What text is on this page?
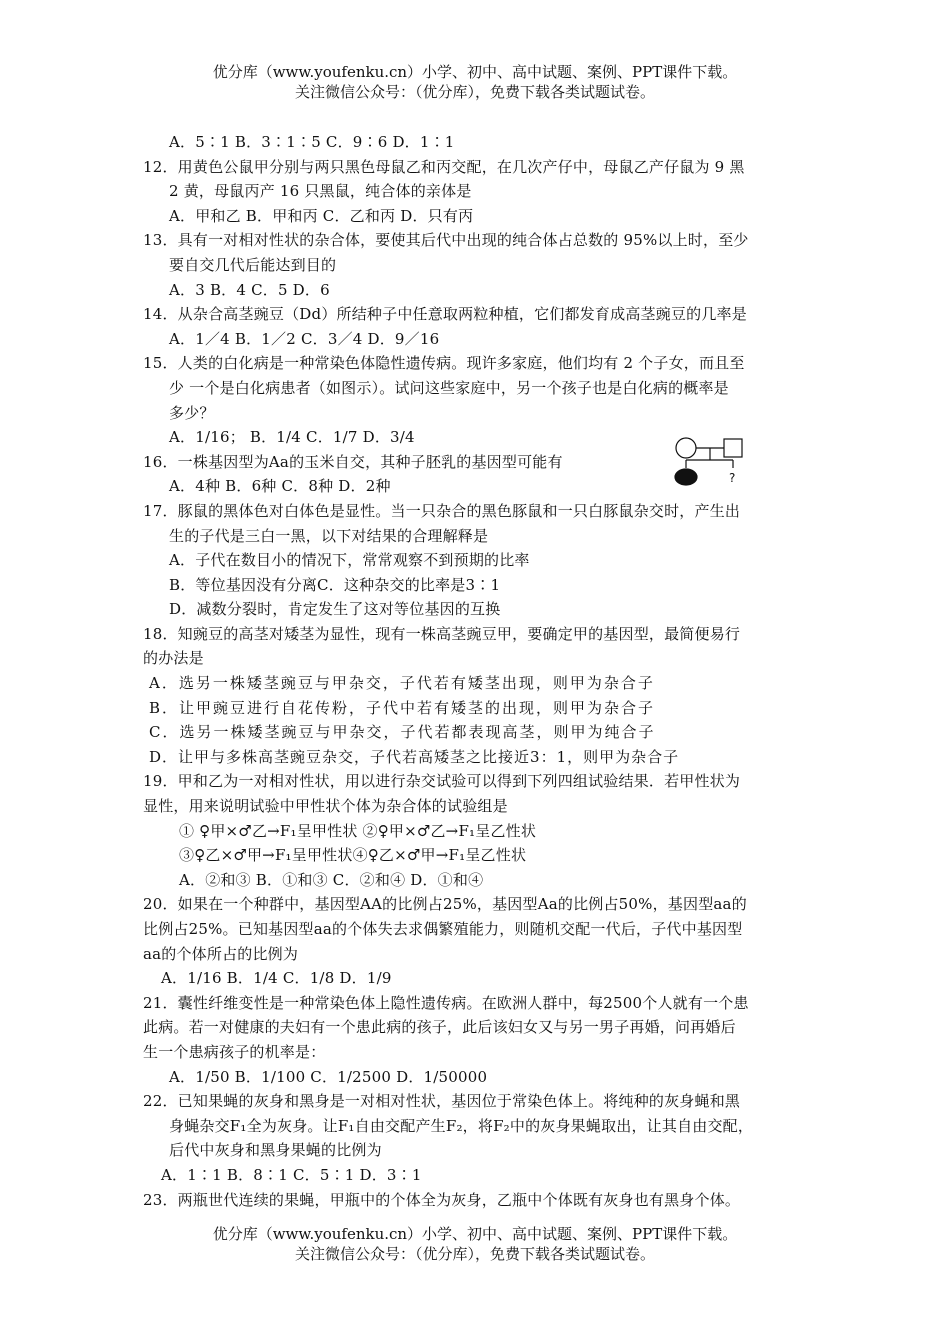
优分库（www.youfenku.cn）小学、初中、高中试题、案例、PPT课件下载。
关注微信公众号：（优分库），免费下载各类试题试卷。
A．5∶1 B．3∶1∶5 C．9∶6 D．1∶1
12．用黄色公鼠甲分别与两只黑色母鼠乙和丙交配，在几次产仔中，母鼠乙产仔鼠为 9 黑
2 黄，母鼠丙产 16 只黑鼠，纯合体的亲体是
A．甲和乙 B．甲和丙 C．乙和丙 D．只有丙
13．具有一对相对性状的杂合体，要使其后代中出现的纯合体占总数的 95%以上时，至少
要自交几代后能达到目的
A．3 B．4 C．5 D．6
14．从杂合高茎豌豆（Dd）所结种子中任意取两粒种植，它们都发育成高茎豌豆的几率是
A．1／4 B．1／2 C．3／4 D．9／16
15．人类的白化病是一种常染色体隐性遗传病。现许多家庭，他们均有 2 个子女，而且至
少 一个是白化病患者（如图示）。试问这些家庭中，另一个孩子也是白化病的概率是
多少？
A．1/16； B．1/4 C．1/7 D．3/4
16．一株基因型为Aa的玉米自交，其种子胚乳的基因型可能有
A．4种 B．6种 C．8种 D．2种
17．豚鼠的黑体色对白体色是显性。当一只杂合的黑色豚鼠和一只白豚鼠杂交时，产生出
生的子代是三白一黑，以下对结果的合理解释是
A．子代在数目小的情况下，常常观察不到预期的比率
B．等位基因没有分离C．这种杂交的比率是3∶1
D．减数分裂时，肯定发生了这对等位基因的互换
18．知豌豆的高茎对矮茎为显性，现有一株高茎豌豆甲，要确定甲的基因型，最简便易行
的办法是
A．选另一株矮茎豌豆与甲杂交，子代若有矮茎出现，则甲为杂合子
B．让甲豌豆进行自花传粉，子代中若有矮茎的出现，则甲为杂合子
C．选另一株矮茎豌豆与甲杂交，子代若都表现高茎，则甲为纯合子
D．让甲与多株高茎豌豆杂交，子代若高矮茎之比接近3：1，则甲为杂合子
19．甲和乙为一对相对性状，用以进行杂交试验可以得到下列四组试验结果．若甲性状为
显性，用来说明试验中甲性状个体为杂合体的试验组是
① ♀甲×♂乙→F₁呈甲性状 ②♀甲×♂乙→F₁呈乙性状
③♀乙×♂甲→F₁呈甲性状④♀乙×♂甲→F₁呈乙性状
A．②和③ B．①和③ C．②和④ D．①和④
20．如果在一个种群中，基因型AA的比例占25%，基因型Aa的比例占50%，基因型aa的
比例占25%。已知基因型aa的个体失去求偶繁殖能力，则随机交配一代后，子代中基因型
aa的个体所占的比例为
A．1/16 B．1/4 C．1/8 D．1/9
21．囊性纤维变性是一种常染色体上隐性遗传病。在欧洲人群中，每2500个人就有一个患
此病。若一对健康的夫妇有一个患此病的孩子，此后该妇女又与另一男子再婚，问再婚后
生一个患病孩子的机率是：
A．1/50 B．1/100 C．1/2500 D．1/50000
22．已知果蝇的灰身和黑身是一对相对性状，基因位于常染色体上。将纯种的灰身蝇和黑
身蝇杂交F₁全为灰身。让F₁自由交配产生F₂，将F₂中的灰身果蝇取出，让其自由交配，
后代中灰身和黑身果蝇的比例为
A．1∶1 B．8∶1 C．5∶1 D．3∶1
23．两瓶世代连续的果蝇，甲瓶中的个体全为灰身，乙瓶中个体既有灰身也有黑身个体。
?
优分库（www.youfenku.cn）小学、初中、高中试题、案例、PPT课件下载。
关注微信公众号：（优分库），免费下载各类试题试卷。
